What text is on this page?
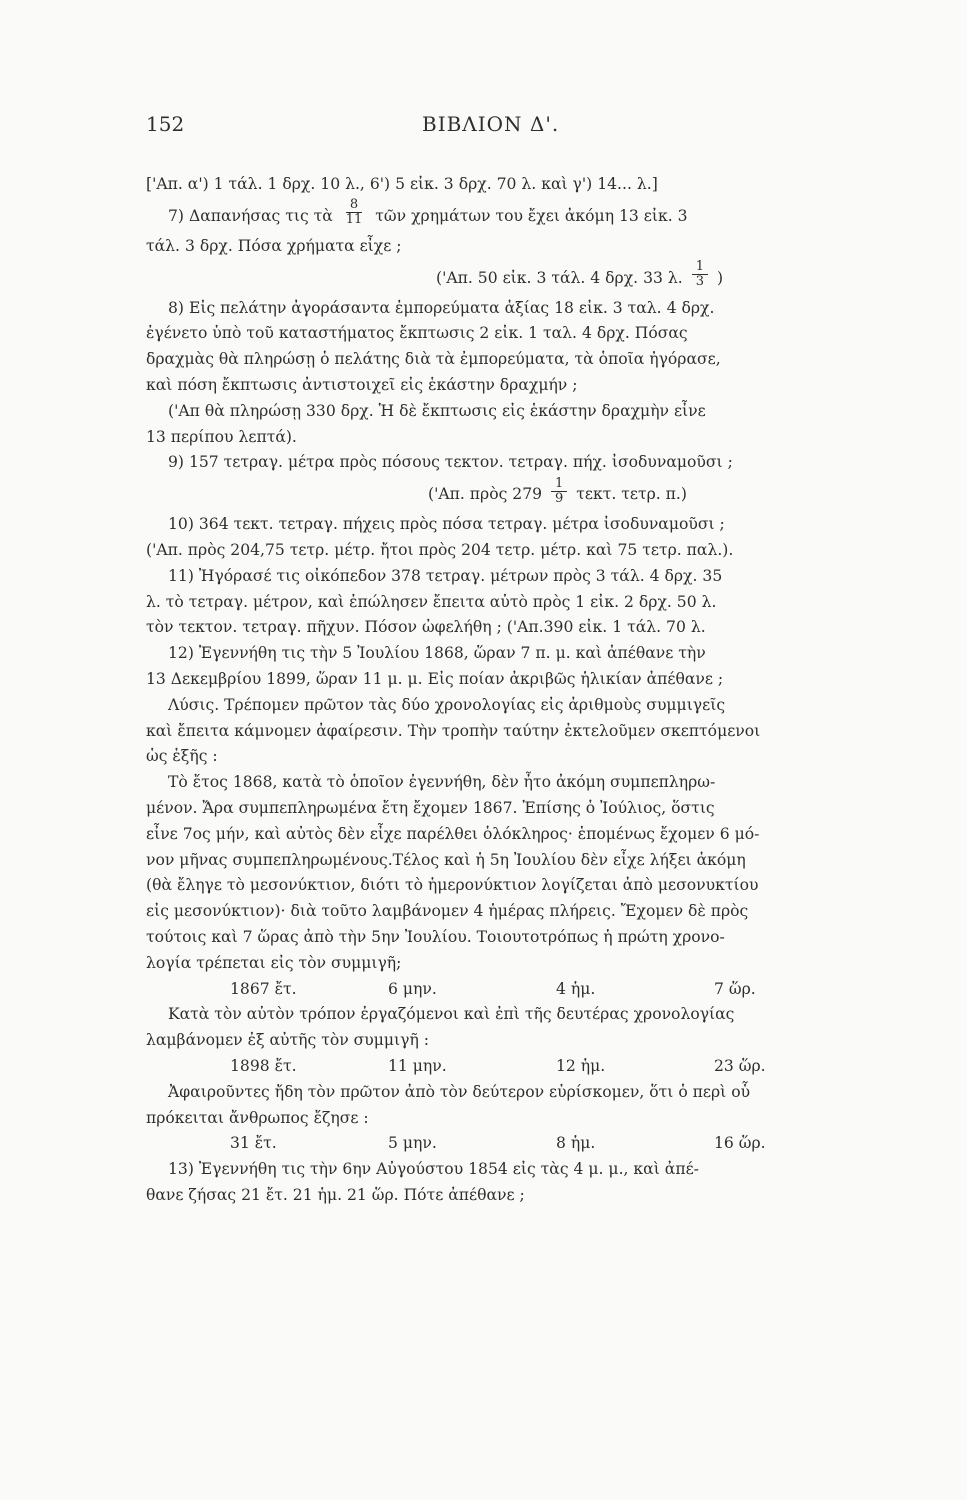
152	ΒΙΒΛΙΟΝ Δ'.
['Απ. α') 1 τάλ. 1 δρχ. 10 λ., 6') 5 εἰκ. 3 δρχ. 70 λ. καὶ γ') 14... λ.]
7) Δαπανήσας τις τὰ $\frac{8}{11}$ τῶν χρημάτων του ἔχει ἀκόμη 13 εἰκ. 3
τάλ. 3 δρχ. Πόσα χρήματα εἶχε ;
('Απ. 50 εἰκ. 3 τάλ. 4 δρχ. 33 λ. $\frac{1}{3}$ )
8) Εἰς πελάτην ἀγοράσαντα ἐμπορεύματα ἀξίας 18 εἰκ. 3 ταλ. 4 δρχ.
ἐγένετο ὑπὸ τοῦ καταστήματος ἔκπτωσις 2 εἰκ. 1 ταλ. 4 δρχ. Πόσας
δραχμὰς θὰ πληρώσῃ ὁ πελάτης διὰ τὰ ἐμπορεύματα, τὰ ὁποῖα ἠγόρασε,
καὶ πόση ἔκπτωσις ἀντιστοιχεῖ εἰς ἑκάστην δραχμήν ;
('Απ θὰ πληρώσῃ 330 δρχ. Ἡ δὲ ἔκπτωσις εἰς ἑκάστην δραχμὴν εἶνε
13 περίπου λεπτά).
9) 157 τετραγ. μέτρα πρὸς πόσους τεκτον. τετραγ. πήχ. ἰσοδυναμοῦσι ;
('Απ. πρὸς $279 \frac{1}{9} \tau\varepsilon\kappa\tau$. τετρ. π.)
10) 364 τεκτ. τετραγ. πήχεις πρὸς πόσα τετραγ. μέτρα ἰσοδυναμοῦσι ;
('Απ. πρὸς 204,75 τετρ. μέτρ. ἤτοι πρὸς 204 τετρ. μέτρ. καὶ 75 τετρ. παλ.).
11) Ἠγόρασέ τις οἰκόπεδον 378 τετραγ. μέτρων πρὸς 3 τάλ. 4 δρχ. 35
λ. τὸ τετραγ. μέτρον, καὶ ἐπώλησεν ἔπειτα αὐτὸ πρὸς 1 εἰκ. 2 δρχ. 50 λ.
τὸν τεκτον. τετραγ. πῆχυν. Πόσον ὠφελήθη ; ('Απ.390 εἰκ. 1 τάλ. 70 λ.
12) Ἐγεννήθη τις τὴν 5 Ἰουλίου 1868, ὥραν 7 π. μ. καὶ ἀπέθανε τὴν
13 Δεκεμβρίου 1899, ὥραν 11 μ. μ. Εἰς ποίαν ἀκριβῶς ἡλικίαν ἀπέθανε ;
Λύσις. Τρέπομεν πρῶτον τὰς δύο χρονολογίας εἰς ἀριθμοὺς συμμιγεῖς
καὶ ἔπειτα κάμνομεν ἀφαίρεσιν. Τὴν τροπὴν ταύτην ἐκτελοῦμεν σκεπτόμενοι
ὡς ἑξῆς :
Τὸ ἔτος 1868, κατὰ τὸ ὁποῖον ἐγεννήθη, δὲν ἦτο ἀκόμη συμπεπληρω-
μένον. Ἄρα συμπεπληρωμένα ἔτη ἔχομεν 1867. Ἐπίσης ὁ Ἰούλιος, ὅστις
εἶνε 7ος μήν, καὶ αὐτὸς δὲν εἶχε παρέλθει ὁλόκληρος· ἑπομένως ἔχομεν 6 μό-
νον μῆνας συμπεπληρωμένους.Τέλος καὶ ἡ 5η Ἰουλίου δὲν εἶχε λήξει ἀκόμη
(θὰ ἔληγε τὸ μεσονύκτιον, διότι τὸ ἡμερονύκτιον λογίζεται ἀπὸ μεσονυκτίου
εἰς μεσονύκτιον)· διὰ τοῦτο λαμβάνομεν 4 ἡμέρας πλήρεις. Ἔχομεν δὲ πρὸς
τούτοις καὶ 7 ὥρας ἀπὸ τὴν 5ην Ἰουλίου. Τοιουτοτρόπως ἡ πρώτη χρονο-
λογία τρέπεται εἰς τὸν συμμιγῆ;
1867 ἔτ.	6 μην.	4 ἡμ.	7 ὥρ.
Κατὰ τὸν αὐτὸν τρόπον ἐργαζόμενοι καὶ ἐπὶ τῆς δευτέρας χρονολογίας
λαμβάνομεν ἐξ αὐτῆς τὸν συμμιγῆ :
1898 ἔτ.	11 μην.	12 ἡμ.	23 ὥρ.
Ἀφαιροῦντες ἤδη τὸν πρῶτον ἀπὸ τὸν δεύτερον εὑρίσκομεν, ὅτι ὁ περὶ οὗ
πρόκειται ἄνθρωπος ἔζησε :
31 ἔτ.	5 μην.	8 ἡμ.	16 ὥρ.
13) Ἐγεννήθη τις τὴν 6ην Αὐγούστου 1854 εἰς τὰς 4 μ. μ., καὶ ἀπέ-
θανε ζήσας 21 ἔτ. 21 ἡμ. 21 ὥρ. Πότε ἀπέθανε ;
